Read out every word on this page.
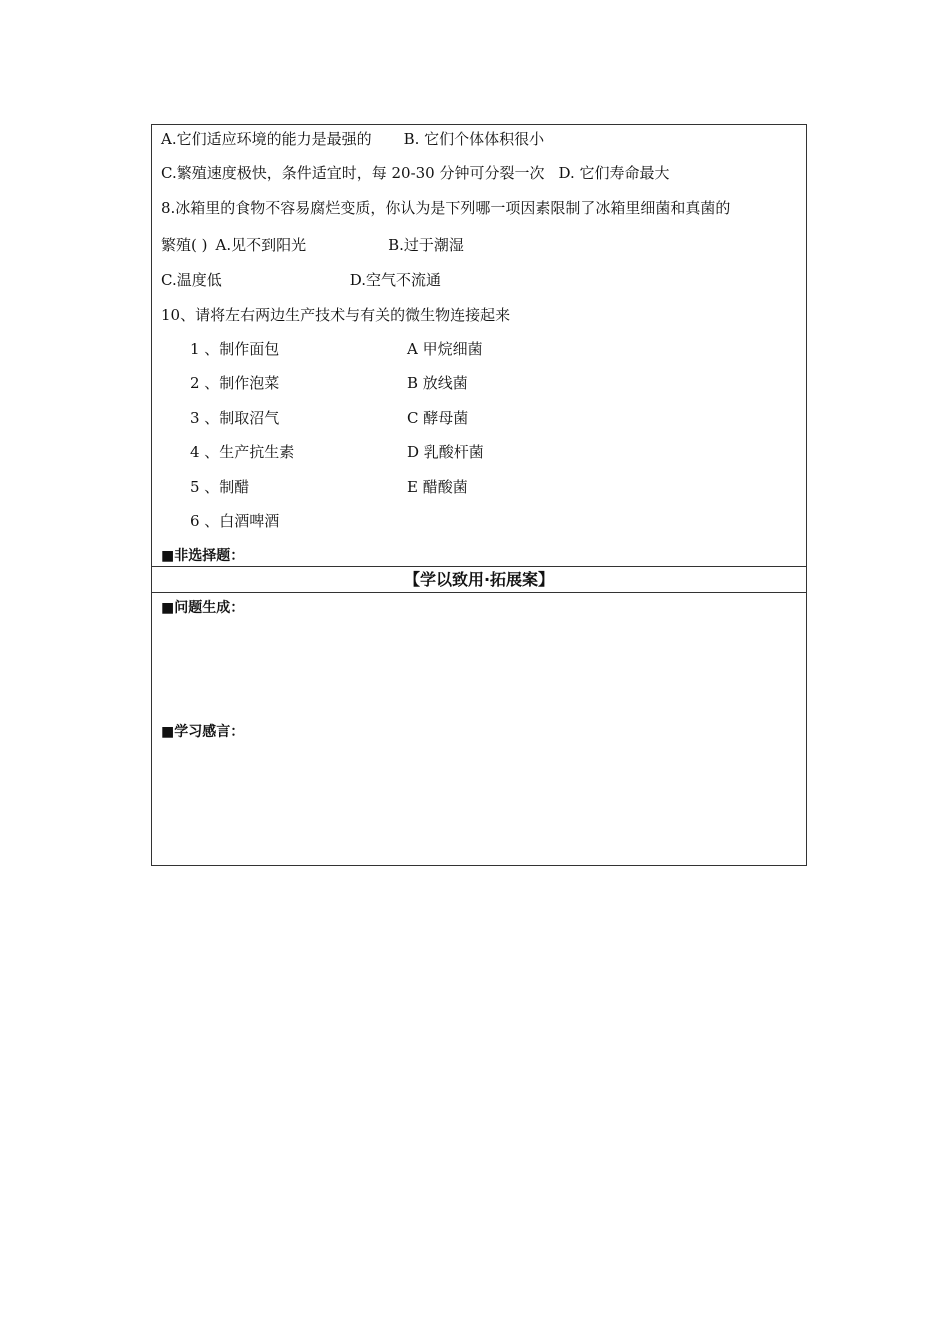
A.它们适应环境的能力是最强的 B. 它们个体体积很小
C.繁殖速度极快，条件适宜时，每 20-30 分钟可分裂一次 D. 它们寿命最大
8.冰箱里的食物不容易腐烂变质，你认为是下列哪一项因素限制了冰箱里细菌和真菌的
繁殖( ) A.见不到阳光	B.过于潮湿
C.温度低	D.空气不流通
10、请将左右两边生产技术与有关的微生物连接起来
1 、制作面包	A 甲烷细菌
2 、制作泡菜	B 放线菌
3 、制取沼气	C 酵母菌
4 、生产抗生素	D 乳酸杆菌
5 、制醋	E 醋酸菌
6 、白酒啤酒
■非选择题：
【学以致用·拓展案】
■问题生成：
■学习感言：
